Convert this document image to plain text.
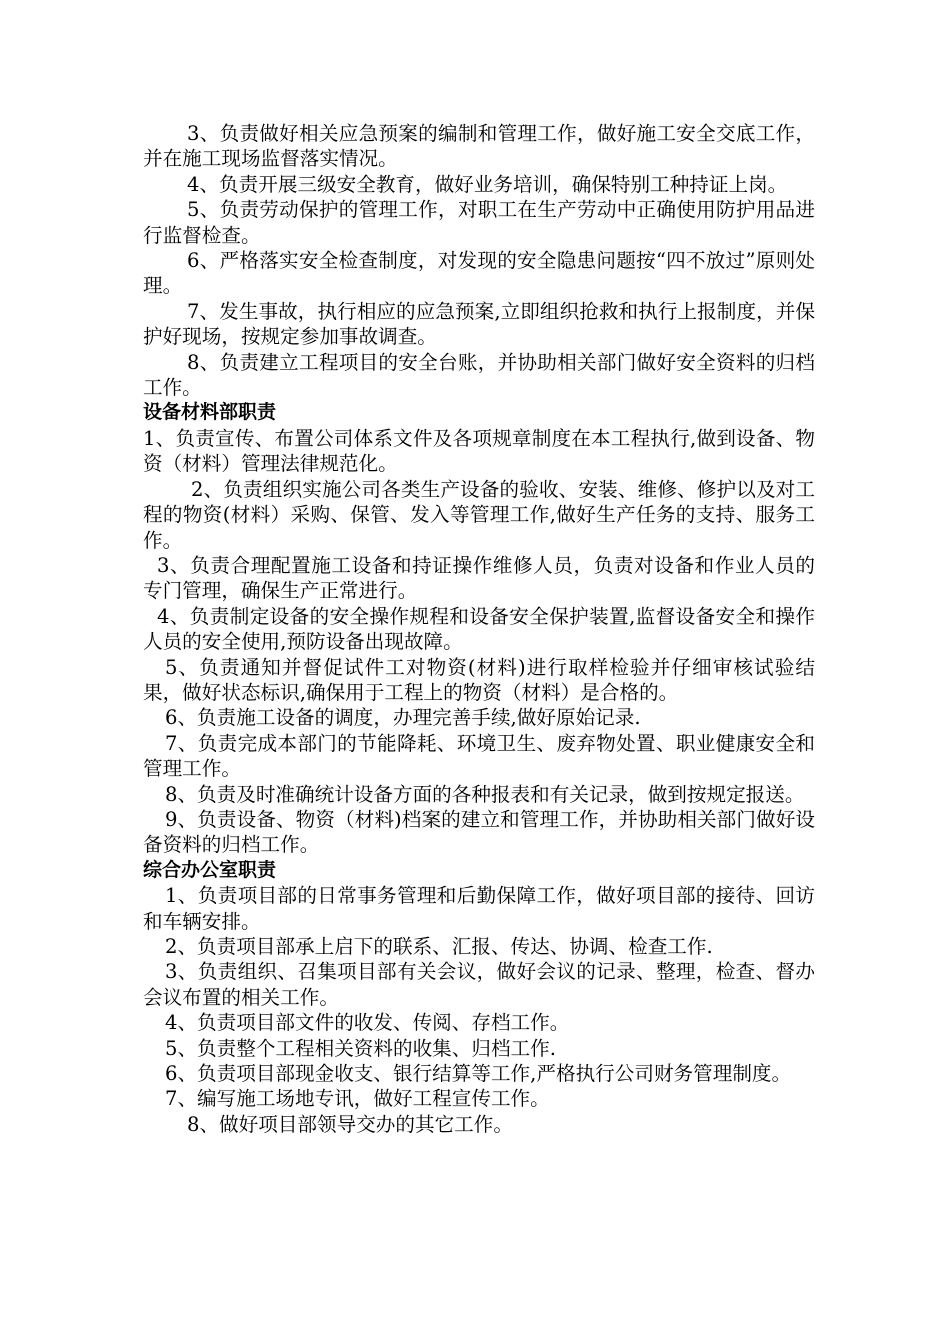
3、负责做好相关应急预案的编制和管理工作，做好施工安全交底工作，并在施工现场监督落实情况。

4、负责开展三级安全教育，做好业务培训，确保特别工种持证上岗。

5、负责劳动保护的管理工作，对职工在生产劳动中正确使用防护用品进行监督检查。

6、严格落实安全检查制度，对发现的安全隐患问题按“四不放过”原则处理。

7、发生事故，执行相应的应急预案,立即组织抢救和执行上报制度，并保护好现场，按规定参加事故调查。

8、负责建立工程项目的安全台账，并协助相关部门做好安全资料的归档工作。

设备材料部职责

1、负责宣传、布置公司体系文件及各项规章制度在本工程执行,做到设备、物资（材料）管理法律规范化。

2、负责组织实施公司各类生产设备的验收、安装、维修、修护以及对工程的物资(材料）采购、保管、发入等管理工作,做好生产任务的支持、服务工作。

3、负责合理配置施工设备和持证操作维修人员，负责对设备和作业人员的专门管理，确保生产正常进行。

4、负责制定设备的安全操作规程和设备安全保护装置,监督设备安全和操作人员的安全使用,预防设备出现故障。

5、负责通知并督促试件工对物资(材料)进行取样检验并仔细审核试验结果，做好状态标识,确保用于工程上的物资（材料）是合格的。

6、负责施工设备的调度，办理完善手续,做好原始记录.

7、负责完成本部门的节能降耗、环境卫生、废弃物处置、职业健康安全和管理工作。

8、负责及时准确统计设备方面的各种报表和有关记录，做到按规定报送。

9、负责设备、物资（材料)档案的建立和管理工作，并协助相关部门做好设备资料的归档工作。

综合办公室职责

1、负责项目部的日常事务管理和后勤保障工作，做好项目部的接待、回访和车辆安排。

2、负责项目部承上启下的联系、汇报、传达、协调、检查工作.

3、负责组织、召集项目部有关会议，做好会议的记录、整理，检查、督办会议布置的相关工作。

4、负责项目部文件的收发、传阅、存档工作。

5、负责整个工程相关资料的收集、归档工作.

6、负责项目部现金收支、银行结算等工作,严格执行公司财务管理制度。

7、编写施工场地专讯，做好工程宣传工作。

8、做好项目部领导交办的其它工作。
